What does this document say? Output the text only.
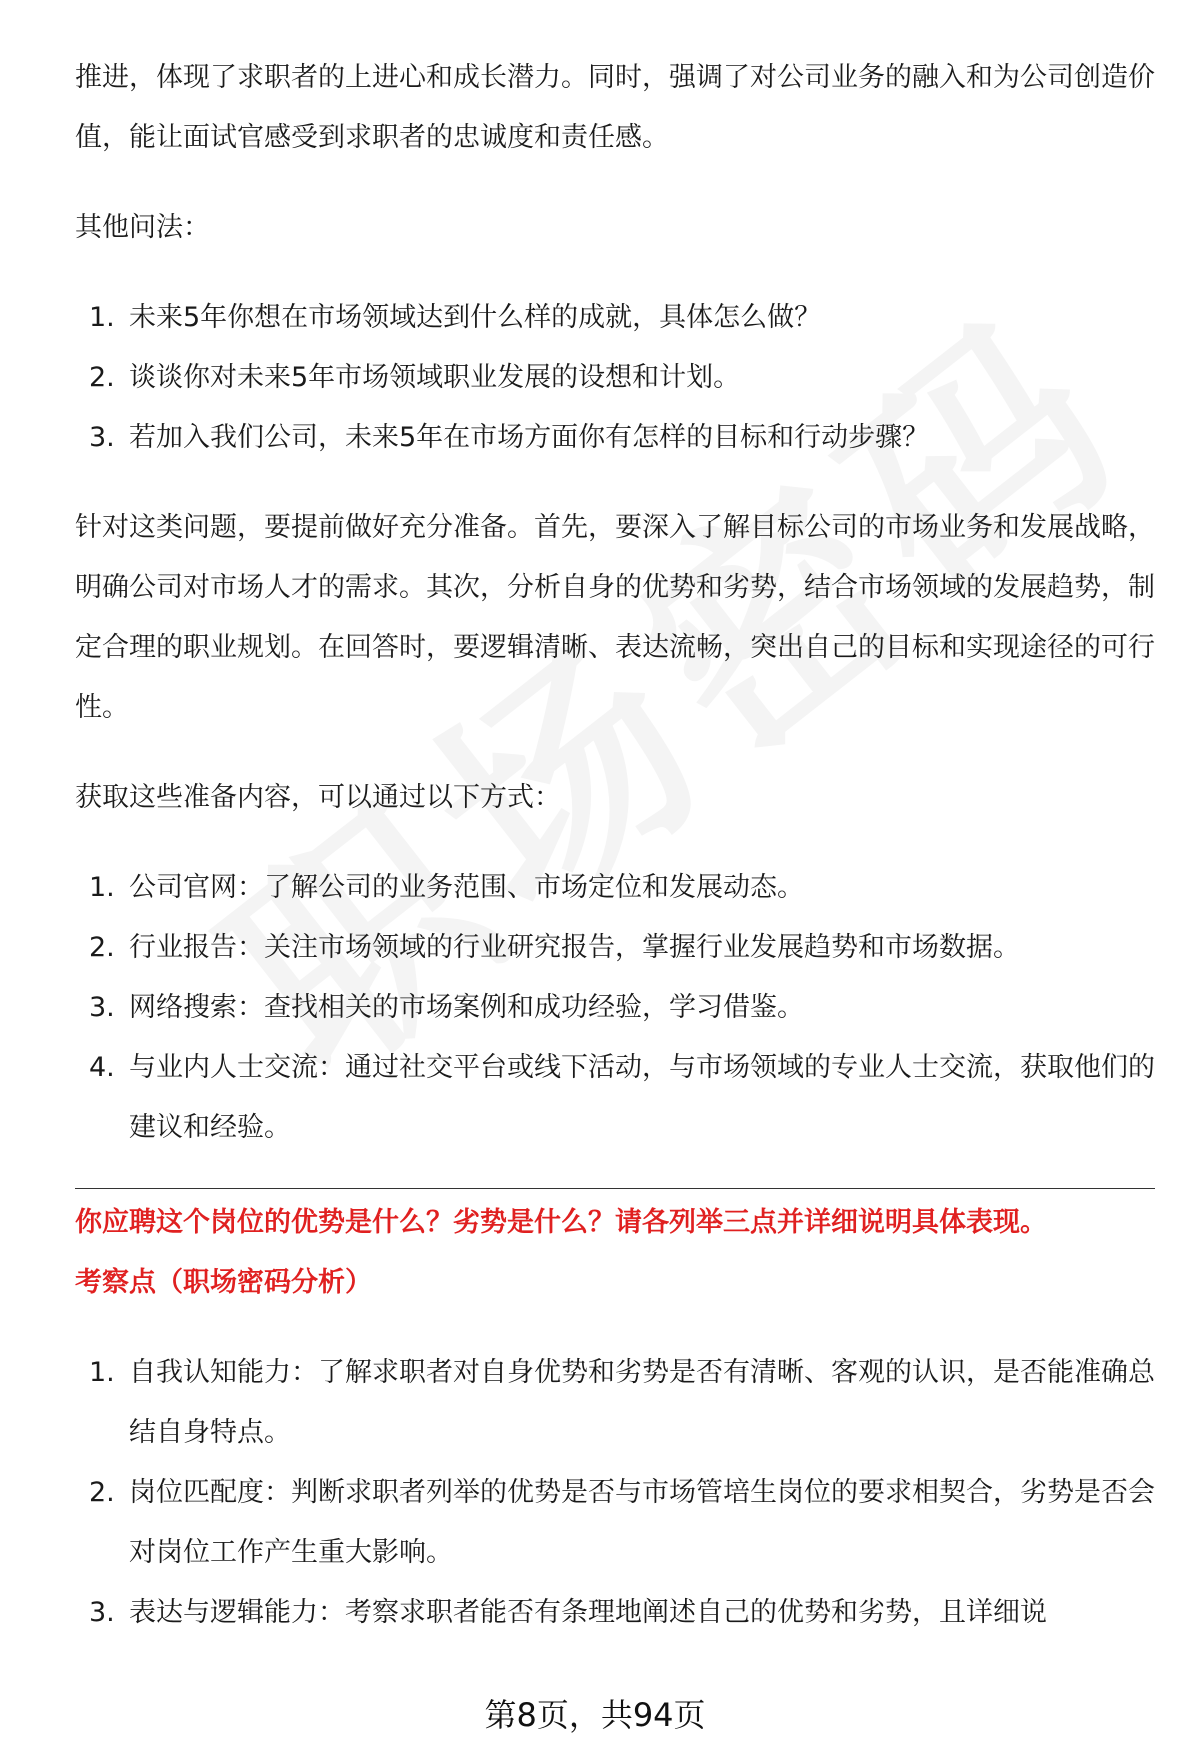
推进，体现了求职者的上进心和成长潜力。同时，强调了对公司业务的融入和为公司创造价值，能让面试官感受到求职者的忠诚度和责任感。

其他问法：

1. 未来5年你想在市场领域达到什么样的成就，具体怎么做？
2. 谈谈你对未来5年市场领域职业发展的设想和计划。
3. 若加入我们公司，未来5年在市场方面你有怎样的目标和行动步骤？

针对这类问题，要提前做好充分准备。首先，要深入了解目标公司的市场业务和发展战略，明确公司对市场人才的需求。其次，分析自身的优势和劣势，结合市场领域的发展趋势，制定合理的职业规划。在回答时，要逻辑清晰、表达流畅，突出自己的目标和实现途径的可行性。

获取这些准备内容，可以通过以下方式：

1. 公司官网：了解公司的业务范围、市场定位和发展动态。
2. 行业报告：关注市场领域的行业研究报告，掌握行业发展趋势和市场数据。
3. 网络搜索：查找相关的市场案例和成功经验，学习借鉴。
4. 与业内人士交流：通过社交平台或线下活动，与市场领域的专业人士交流，获取他们的建议和经验。

你应聘这个岗位的优势是什么？劣势是什么？请各列举三点并详细说明具体表现。

考察点（职场密码分析）

1. 自我认知能力：了解求职者对自身优势和劣势是否有清晰、客观的认识，是否能准确总结自身特点。
2. 岗位匹配度：判断求职者列举的优势是否与市场管培生岗位的要求相契合，劣势是否会对岗位工作产生重大影响。
3. 表达与逻辑能力：考察求职者能否有条理地阐述自己的优势和劣势，且详细说
第8页，共94页
